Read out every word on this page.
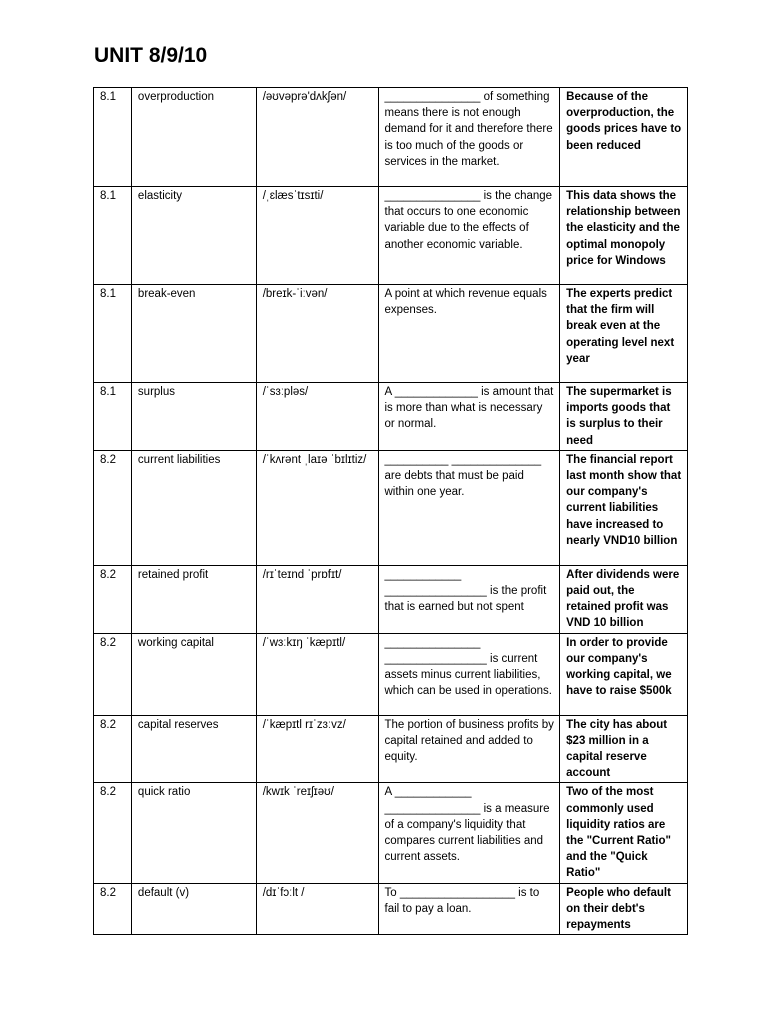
UNIT 8/9/10
8.1	overproduction	/əʊvəprə'dʌkʃən/	_______________ of something means there is not enough demand for it and therefore there is too much of the goods or services in the market.	Because of the overproduction, the goods prices have to been reduced
8.1	elasticity	/ˌɛlæsˈtɪsɪti/	_______________ is the change that occurs to one economic variable due to the effects of another economic variable.	This data shows the relationship between the elasticity and the optimal monopoly price for Windows
8.1	break-even	/breɪk-ˈiːvən/	A point at which revenue equals expenses.	The experts predict that the firm will break even at the operating level next year
8.1	surplus	/ˈsɜːpləs/	A _____________ is amount that is more than what is necessary or normal.	The supermarket is imports goods that is surplus to their need
8.2	current liabilities	/ˈkʌrənt ˌlaɪə ˈbɪlɪtiz/	__________ ______________ are debts that must be paid within one year.	The financial report last month show that our company's current liabilities have increased to nearly VND10 billion
8.2	retained profit	/rɪˈteɪnd ˈprɒfɪt/	____________ ________________ is the profit that is earned but not spent	After dividends were paid out, the retained profit was VND 10 billion
8.2	working capital	/ˈwɜːkɪŋ ˈkæpɪtl/	_______________ ________________ is current assets minus current liabilities, which can be used in operations.	In order to provide our company's working capital, we have to raise $500k
8.2	capital reserves	/ˈkæpɪtl rɪˈzɜːvz/	The portion of business profits by capital retained and added to equity.	The city has about $23 million in a capital reserve account
8.2	quick ratio	/kwɪk ˈreɪʃɪəʊ/	A ____________ _______________ is a measure of a company's liquidity that compares current liabilities and current assets.	Two of the most commonly used liquidity ratios are the "Current Ratio" and the "Quick Ratio"
8.2	default (v)	/dɪˈfɔːlt /	To __________________ is to fail to pay a loan.	People who default on their debt's repayments
